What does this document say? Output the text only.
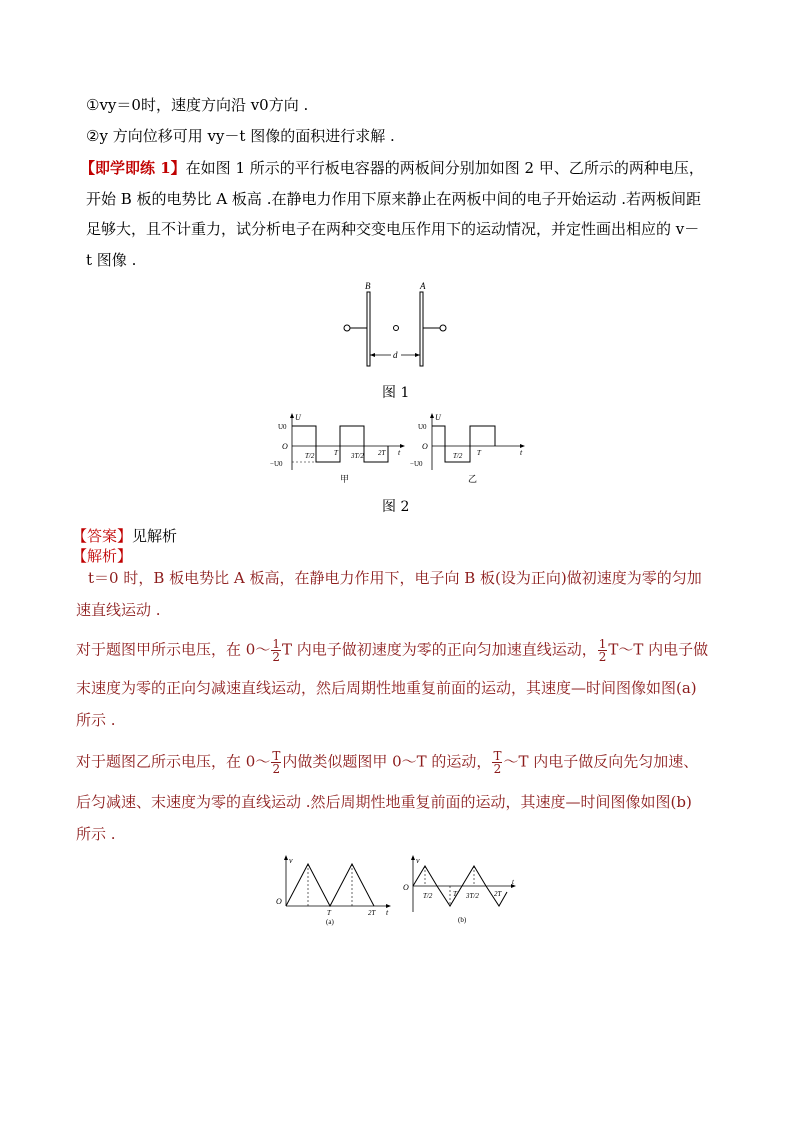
①vy＝0时，速度方向沿 v0方向 .
②y 方向位移可用 vy－t 图像的面积进行求解 .
【即学即练 1】在如图 1 所示的平行板电容器的两板间分别加如图 2 甲、乙所示的两种电压，
开始 B 板的电势比 A 板高 .在静电力作用下原来静止在两板中间的电子开始运动 .若两板间距
足够大，且不计重力，试分析电子在两种交变电压作用下的运动情况，并定性画出相应的 v－
t 图像 .
B	A
d
图 1
U
U0
O
−U0
t
T/2	T 3T/2 2T
甲
U
U0
O
−U0
t
T/2 T
乙
图 2
【答案】见解析
【解析】
t＝0 时，B 板电势比 A 板高，在静电力作用下，电子向 B 板(设为正向)做初速度为零的匀加
速直线运动 .
对于题图甲所示电压，在 0～ $\frac{1}{2}$ T 内电子做初速度为零的正向匀加速直线运动， $\frac{1}{2}$ T～T 内电子做
末速度为零的正向匀减速直线运动，然后周期性地重复前面的运动，其速度—时间图像如图(a)
所示 .
对于题图乙所示电压，在 0～ $\frac{T}{2}$ 内做类似题图甲 0～T 的运动， $\frac{T}{2}$ ～T 内电子做反向先匀加速、
后匀减速、末速度为零的直线运动 .然后周期性地重复前面的运动，其速度—时间图像如图(b)
所示 .
v
O
t
T	2T
(a)
v
O
t
T/2	T 3T/2 2T
(b)
